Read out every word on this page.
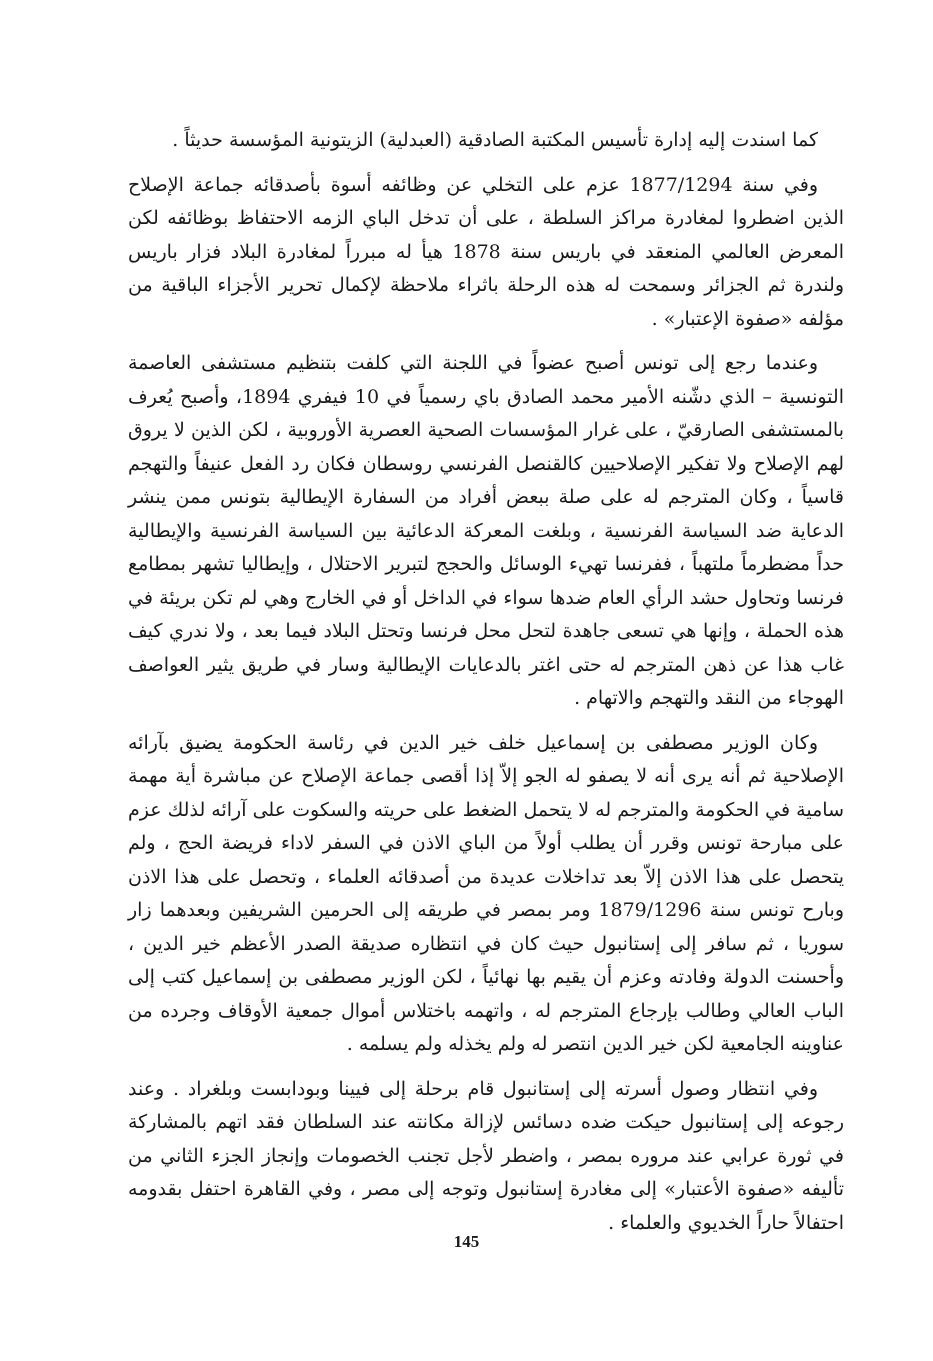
كما اسندت إليه إدارة تأسيس المكتبة الصادقية (العبدلية) الزيتونية المؤسسة حديثاً .

وفي سنة 1877/1294 عزم على التخلي عن وظائفه أسوة بأصدقائه جماعة الإصلاح الذين اضطروا لمغادرة مراكز السلطة ، على أن تدخل الباي الزمه الاحتفاظ بوظائفه لكن المعرض العالمي المنعقد في باريس سنة 1878 هيأ له مبرراً لمغادرة البلاد فزار باريس ولندرة ثم الجزائر وسمحت له هذه الرحلة باثراء ملاحظة لإكمال تحرير الأجزاء الباقية من مؤلفه «صفوة الإعتبار» .

وعندما رجع إلى تونس أصبح عضواً في اللجنة التي كلفت بتنظيم مستشفى العاصمة التونسية – الذي دشّنه الأمير محمد الصادق باي رسمياً في 10 فيفري 1894، وأصبح يُعرف بالمستشفى الصارقيّ ، على غرار المؤسسات الصحية العصرية الأوروبية ، لكن الذين لا يروق لهم الإصلاح ولا تفكير الإصلاحيين كالقنصل الفرنسي روسطان فكان رد الفعل عنيفاً والتهجم قاسياً ، وكان المترجم له على صلة ببعض أفراد من السفارة الإيطالية بتونس ممن ينشر الدعاية ضد السياسة الفرنسية ، وبلغت المعركة الدعائية بين السياسة الفرنسية والإيطالية حداً مضطرماً ملتهباً ، ففرنسا تهيء الوسائل والحجج لتبرير الاحتلال ، وإيطاليا تشهر بمطامع فرنسا وتحاول حشد الرأي العام ضدها سواء في الداخل أو في الخارج وهي لم تكن بريئة في هذه الحملة ، وإنها هي تسعى جاهدة لتحل محل فرنسا وتحتل البلاد فيما بعد ، ولا ندري كيف غاب هذا عن ذهن المترجم له حتى اغتر بالدعايات الإيطالية وسار في طريق يثير العواصف الهوجاء من النقد والتهجم والاتهام .

وكان الوزير مصطفى بن إسماعيل خلف خير الدين في رئاسة الحكومة يضيق بآرائه الإصلاحية ثم أنه يرى أنه لا يصفو له الجو إلاّ إذا أقصى جماعة الإصلاح عن مباشرة أية مهمة سامية في الحكومة والمترجم له لا يتحمل الضغط على حريته والسكوت على آرائه لذلك عزم على مبارحة تونس وقرر أن يطلب أولاً من الباي الاذن في السفر لاداء فريضة الحج ، ولم يتحصل على هذا الاذن إلاّ بعد تداخلات عديدة من أصدقائه العلماء ، وتحصل على هذا الاذن وبارح تونس سنة 1879/1296 ومر بمصر في طريقه إلى الحرمين الشريفين وبعدهما زار سوريا ، ثم سافر إلى إستانبول حيث كان في انتظاره صديقة الصدر الأعظم خير الدين ، وأحسنت الدولة وفادته وعزم أن يقيم بها نهائياً ، لكن الوزير مصطفى بن إسماعيل كتب إلى الباب العالي وطالب بإرجاع المترجم له ، واتهمه باختلاس أموال جمعية الأوقاف وجرده من عناوينه الجامعية لكن خير الدين انتصر له ولم يخذله ولم يسلمه .

وفي انتظار وصول أسرته إلى إستانبول قام برحلة إلى فيينا وبودابست وبلغراد . وعند رجوعه إلى إستانبول حيكت ضده دسائس لإزالة مكانته عند السلطان فقد اتهم بالمشاركة في ثورة عرابي عند مروره بمصر ، واضطر لأجل تجنب الخصومات وإنجاز الجزء الثاني من تأليفه «صفوة الأعتبار» إلى مغادرة إستانبول وتوجه إلى مصر ، وفي القاهرة احتفل بقدومه احتفالاً حاراً الخديوي والعلماء .

145
